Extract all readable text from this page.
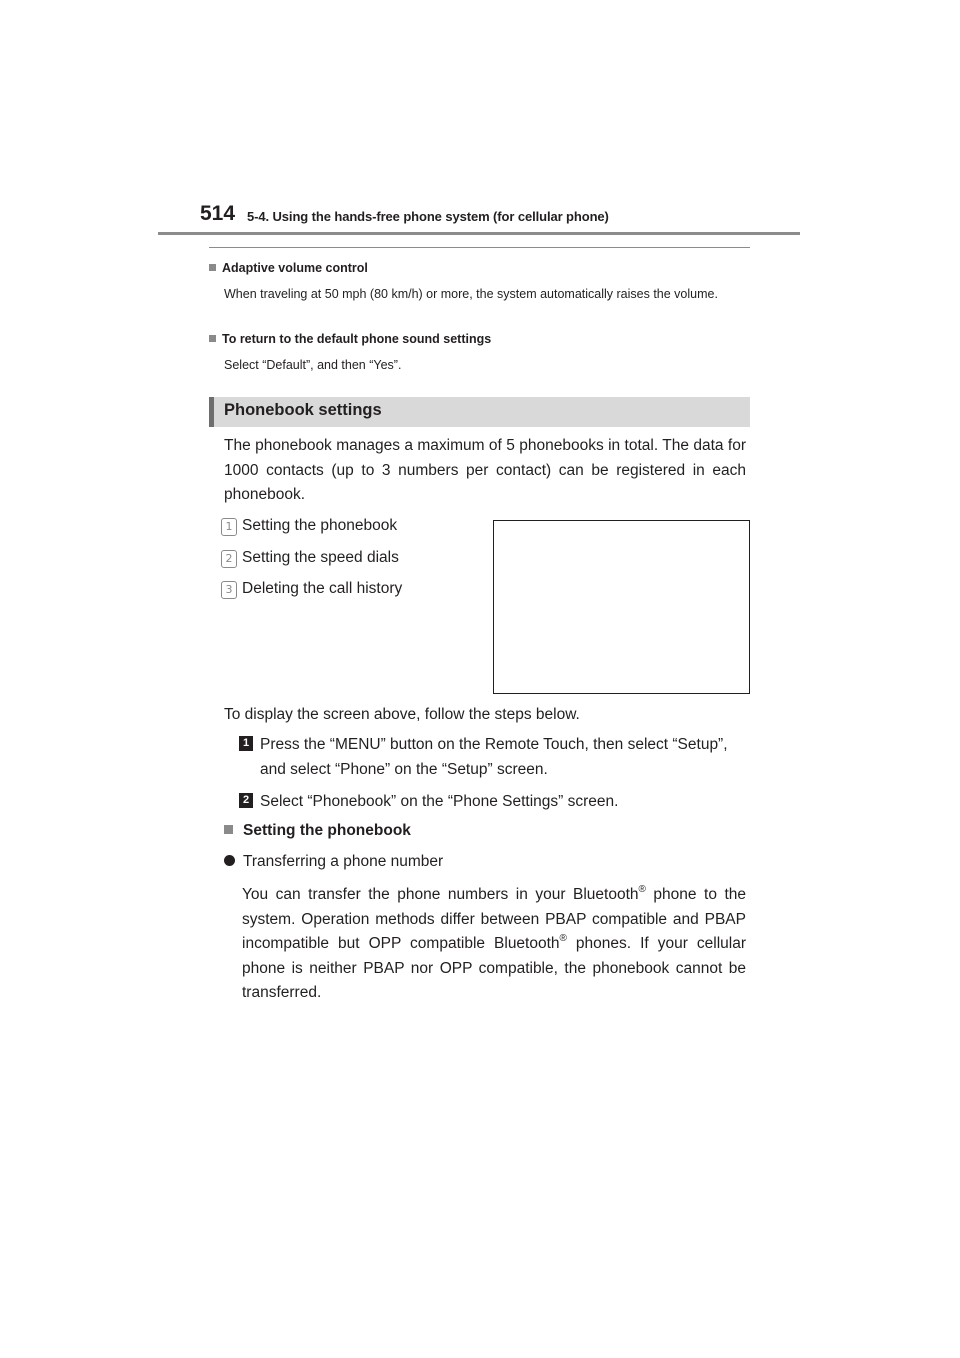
514 5-4. Using the hands-free phone system (for cellular phone)
Adaptive volume control
When traveling at 50 mph (80 km/h) or more, the system automatically raises the volume.
To return to the default phone sound settings
Select “Default”, and then “Yes”.
Phonebook settings
The phonebook manages a maximum of 5 phonebooks in total. The data for 1000 contacts (up to 3 numbers per contact) can be registered in each phonebook.
1 Setting the phonebook
2 Setting the speed dials
3 Deleting the call history
To display the screen above, follow the steps below.
1 Press the “MENU” button on the Remote Touch, then select “Setup”, and select “Phone” on the “Setup” screen.
2 Select “Phonebook” on the “Phone Settings” screen.
Setting the phonebook
Transferring a phone number
You can transfer the phone numbers in your Bluetooth® phone to the system. Operation methods differ between PBAP compatible and PBAP incompatible but OPP compatible Bluetooth® phones. If your cellular phone is neither PBAP nor OPP compatible, the phonebook cannot be transferred.
